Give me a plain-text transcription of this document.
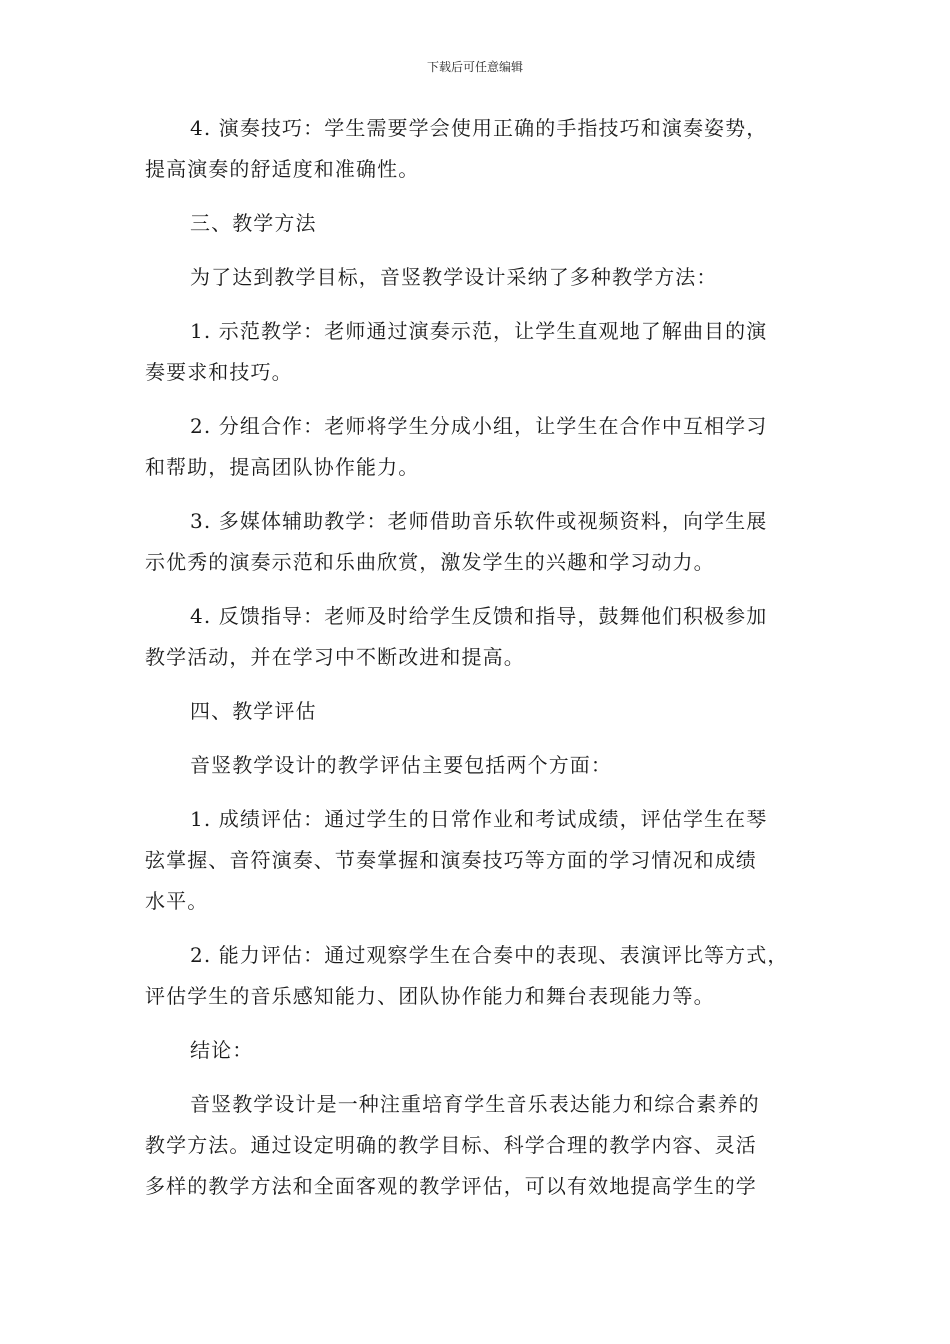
下载后可任意编辑
4. 演奏技巧：学生需要学会使用正确的手指技巧和演奏姿势，
提高演奏的舒适度和准确性。
三、教学方法
为了达到教学目标，音竖教学设计采纳了多种教学方法：
1. 示范教学：老师通过演奏示范，让学生直观地了解曲目的演
奏要求和技巧。
2. 分组合作：老师将学生分成小组，让学生在合作中互相学习
和帮助，提高团队协作能力。
3. 多媒体辅助教学：老师借助音乐软件或视频资料，向学生展
示优秀的演奏示范和乐曲欣赏，激发学生的兴趣和学习动力。
4. 反馈指导：老师及时给学生反馈和指导，鼓舞他们积极参加
教学活动，并在学习中不断改进和提高。
四、教学评估
音竖教学设计的教学评估主要包括两个方面：
1. 成绩评估：通过学生的日常作业和考试成绩，评估学生在琴
弦掌握、音符演奏、节奏掌握和演奏技巧等方面的学习情况和成绩
水平。
2. 能力评估：通过观察学生在合奏中的表现、表演评比等方式，
评估学生的音乐感知能力、团队协作能力和舞台表现能力等。
结论：
音竖教学设计是一种注重培育学生音乐表达能力和综合素养的
教学方法。通过设定明确的教学目标、科学合理的教学内容、灵活
多样的教学方法和全面客观的教学评估，可以有效地提高学生的学
